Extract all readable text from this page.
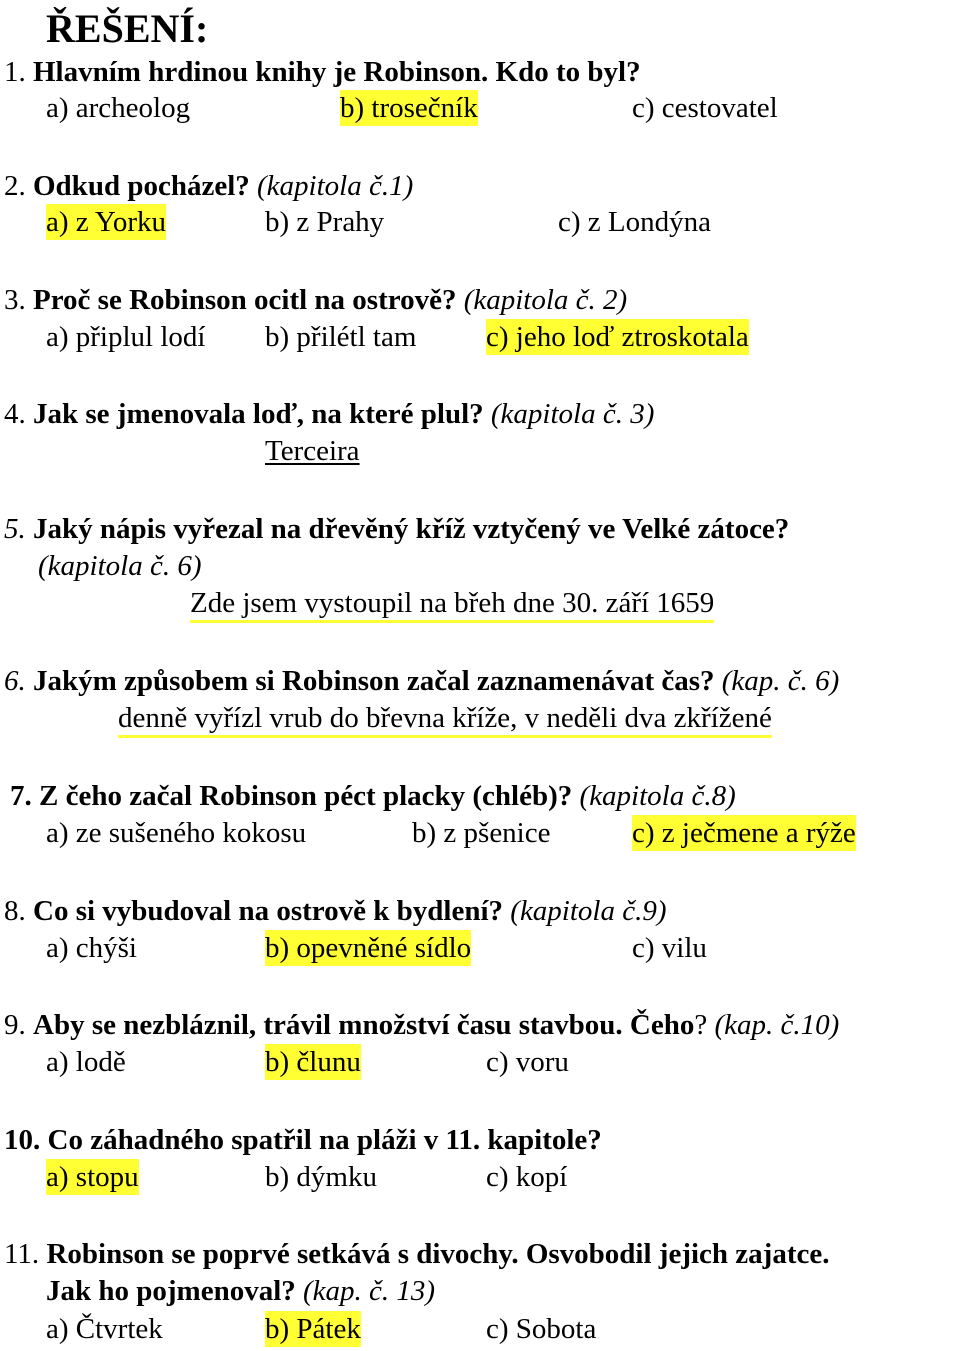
ŘEŠENÍ:
1. Hlavním hrdinou knihy je Robinson. Kdo to byl?
a) archeolog	b) trosečník	c) cestovatel
2. Odkud pocházel? (kapitola č.1)
a) z Yorku	b) z Prahy	c) z Londýna
3. Proč se Robinson ocitl na ostrově? (kapitola č. 2)
a) připlul lodí b) přilétl tam c) jeho loď ztroskotala
4. Jak se jmenovala loď, na které plul? (kapitola č. 3)
Terceira
5. Jaký nápis vyřezal na dřevěný kříž vztyčený ve Velké zátoce?
(kapitola č. 6)
Zde jsem vystoupil na břeh dne 30. září 1659
6. Jakým způsobem si Robinson začal zaznamenávat čas? (kap. č. 6)
denně vyřízl vrub do břevna kříže, v neděli dva zkřížené
7. Z čeho začal Robinson péct placky (chléb)? (kapitola č.8)
a) ze sušeného kokosu	b) z pšenice	c) z ječmene a rýže
8. Co si vybudoval na ostrově k bydlení? (kapitola č.9)
a) chýši	b) opevněné sídlo	c) vilu
9. Aby se nezbláznil, trávil množství času stavbou. Čeho? (kap. č.10)
a) lodě	b) člunu	c) voru
10. Co záhadného spatřil na pláži v 11. kapitole?
a) stopu	b) dýmku	c) kopí
11. Robinson se poprvé setkává s divochy. Osvobodil jejich zajatce.
Jak ho pojmenoval? (kap. č. 13)
a) Čtvrtek	b) Pátek	c) Sobota
